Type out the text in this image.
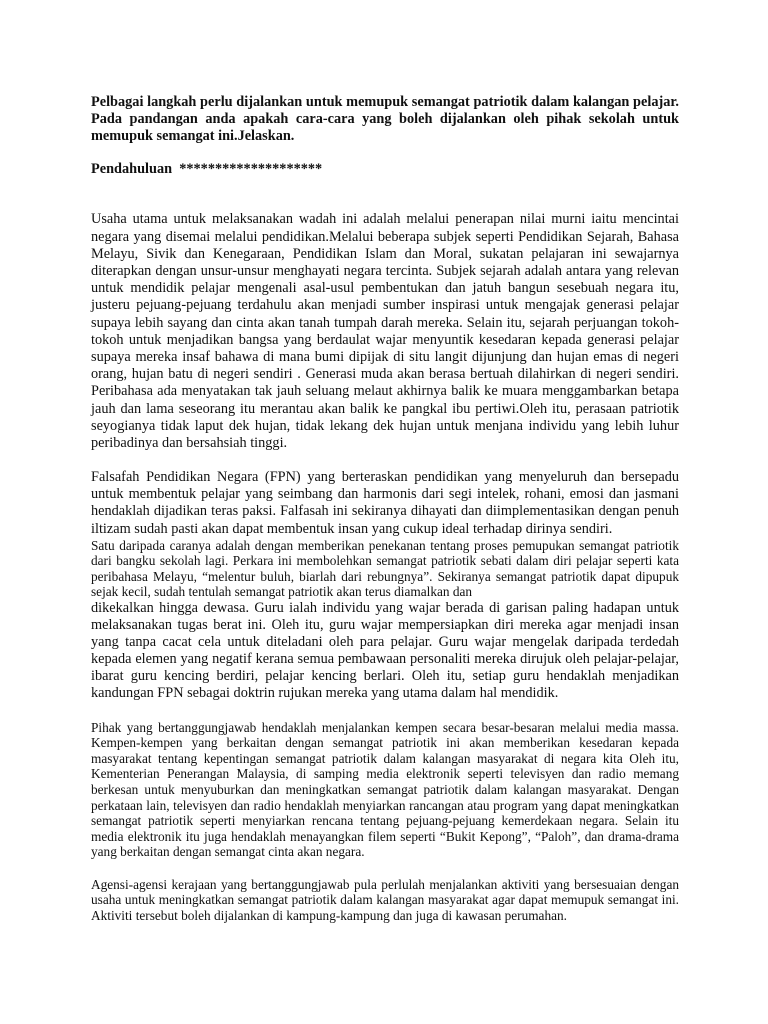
Pelbagai langkah perlu dijalankan untuk memupuk semangat patriotik dalam kalangan pelajar. Pada pandangan anda apakah cara-cara yang boleh dijalankan oleh pihak sekolah untuk memupuk semangat ini.Jelaskan.

Pendahuluan ********************

Usaha utama untuk melaksanakan wadah ini adalah melalui penerapan nilai murni iaitu mencintai negara yang disemai melalui pendidikan.Melalui beberapa subjek seperti Pendidikan Sejarah, Bahasa Melayu, Sivik dan Kenegaraan, Pendidikan Islam dan Moral, sukatan pelajaran ini sewajarnya diterapkan dengan unsur-unsur menghayati negara tercinta. Subjek sejarah adalah antara yang relevan untuk mendidik pelajar mengenali asal-usul pembentukan dan jatuh bangun sesebuah negara itu, justeru pejuang-pejuang terdahulu akan menjadi sumber inspirasi untuk mengajak generasi pelajar supaya lebih sayang dan cinta akan tanah tumpah darah mereka. Selain itu, sejarah perjuangan tokoh-tokoh untuk menjadikan bangsa yang berdaulat wajar menyuntik kesedaran kepada generasi pelajar supaya mereka insaf bahawa di mana bumi dipijak di situ langit dijunjung dan hujan emas di negeri orang, hujan batu di negeri sendiri . Generasi muda akan berasa bertuah dilahirkan di negeri sendiri. Peribahasa ada menyatakan tak jauh seluang melaut akhirnya balik ke muara menggambarkan betapa jauh dan lama seseorang itu merantau akan balik ke pangkal ibu pertiwi.Oleh itu, perasaan patriotik seyogianya tidak laput dek hujan, tidak lekang dek hujan untuk menjana individu yang lebih luhur peribadinya dan bersahsiah tinggi.

Falsafah Pendidikan Negara (FPN) yang berteraskan pendidikan yang menyeluruh dan bersepadu untuk membentuk pelajar yang seimbang dan harmonis dari segi intelek, rohani, emosi dan jasmani hendaklah dijadikan teras paksi. Falfasah ini sekiranya dihayati dan diimplementasikan dengan penuh iltizam sudah pasti akan dapat membentuk insan yang cukup ideal terhadap dirinya sendiri.

Satu daripada caranya adalah dengan memberikan penekanan tentang proses pemupukan semangat patriotik dari bangku sekolah lagi. Perkara ini membolehkan semangat patriotik sebati dalam diri pelajar seperti kata peribahasa Melayu, “melentur buluh, biarlah dari rebungnya”. Sekiranya semangat patriotik dapat dipupuk sejak kecil, sudah tentulah semangat patriotik akan terus diamalkan dan

dikekalkan hingga dewasa. Guru ialah individu yang wajar berada di garisan paling hadapan untuk melaksanakan tugas berat ini. Oleh itu, guru wajar mempersiapkan diri mereka agar menjadi insan yang tanpa cacat cela untuk diteladani oleh para pelajar. Guru wajar mengelak daripada terdedah kepada elemen yang negatif kerana semua pembawaan personaliti mereka dirujuk oleh pelajar-pelajar, ibarat guru kencing berdiri, pelajar kencing berlari. Oleh itu, setiap guru hendaklah menjadikan kandungan FPN sebagai doktrin rujukan mereka yang utama dalam hal mendidik.

Pihak yang bertanggungjawab hendaklah menjalankan kempen secara besar-besaran melalui media massa. Kempen-kempen yang berkaitan dengan semangat patriotik ini akan memberikan kesedaran kepada masyarakat tentang kepentingan semangat patriotik dalam kalangan masyarakat di negara kita Oleh itu, Kementerian Penerangan Malaysia, di samping media elektronik seperti televisyen dan radio memang berkesan untuk menyuburkan dan meningkatkan semangat patriotik dalam kalangan masyarakat. Dengan perkataan lain, televisyen dan radio hendaklah menyiarkan rancangan atau program yang dapat meningkatkan semangat patriotik seperti menyiarkan rencana tentang pejuang-pejuang kemerdekaan negara. Selain itu media elektronik itu juga hendaklah menayangkan filem seperti “Bukit Kepong”, “Paloh”, dan drama-drama yang berkaitan dengan semangat cinta akan negara.

Agensi-agensi kerajaan yang bertanggungjawab pula perlulah menjalankan aktiviti yang bersesuaian dengan usaha untuk meningkatkan semangat patriotik dalam kalangan masyarakat agar dapat memupuk semangat ini. Aktiviti tersebut boleh dijalankan di kampung-kampung dan juga di kawasan perumahan.
